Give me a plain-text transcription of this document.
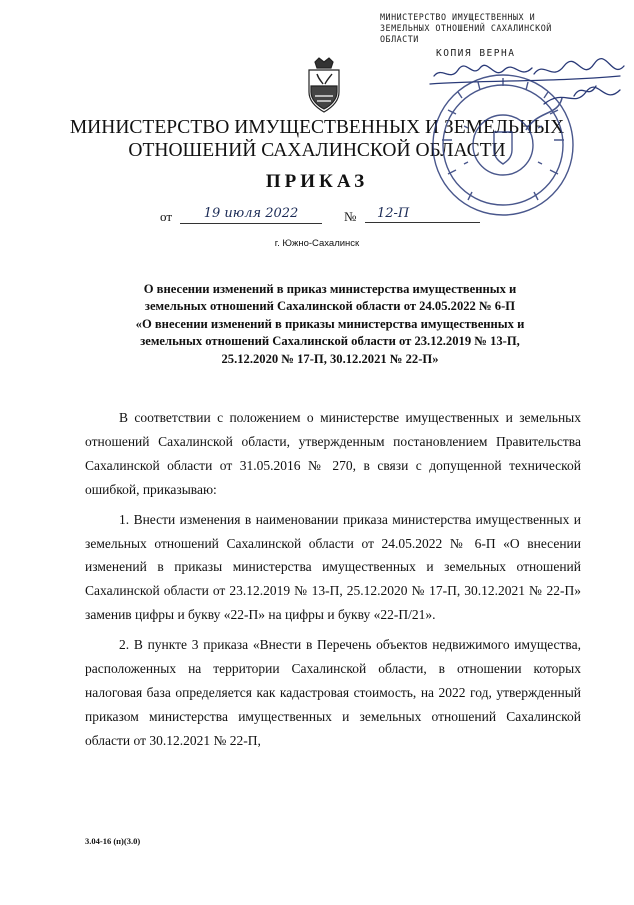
МИНИСТЕРСТВО ИМУЩЕСТВЕННЫХ И
ЗЕМЕЛЬНЫХ ОТНОШЕНИЙ САХАЛИНСКОЙ
ОБЛАСТИ
КОПИЯ ВЕРНА
МИНИСТЕРСТВО ИМУЩЕСТВЕННЫХ И ЗЕМЕЛЬНЫХ
ОТНОШЕНИЙ САХАЛИНСКОЙ ОБЛАСТИ
ПРИКАЗ
от	19 июля 2022	№	12-П
г. Южно-Сахалинск
О внесении изменений в приказ министерства имущественных и
земельных отношений Сахалинской области от 24.05.2022 № 6-П
«О внесении изменений в приказы министерства имущественных и
земельных отношений Сахалинской области от 23.12.2019 № 13-П,
25.12.2020 № 17-П, 30.12.2021 № 22-П»

В соответствии с положением о министерстве имущественных и земельных отношений Сахалинской области, утвержденным постановлением Правительства Сахалинской области от 31.05.2016 № 270, в связи с допущенной технической ошибкой, приказываю:

1. Внести изменения в наименовании приказа министерства имущественных и земельных отношений Сахалинской области от 24.05.2022 № 6-П «О внесении изменений в приказы министерства имущественных и земельных отношений Сахалинской области от 23.12.2019 № 13-П, 25.12.2020 № 17-П, 30.12.2021 № 22-П» заменив цифры и букву «22-П» на цифры и букву «22-П/21».

2. В пункте 3 приказа «Внести в Перечень объектов недвижимого имущества, расположенных на территории Сахалинской области, в отношении которых налоговая база определяется как кадастровая стоимость, на 2022 год, утвержденный приказом министерства имущественных и земельных отношений Сахалинской области от 30.12.2021 № 22-П,

3.04-16 (п)(3.0)
